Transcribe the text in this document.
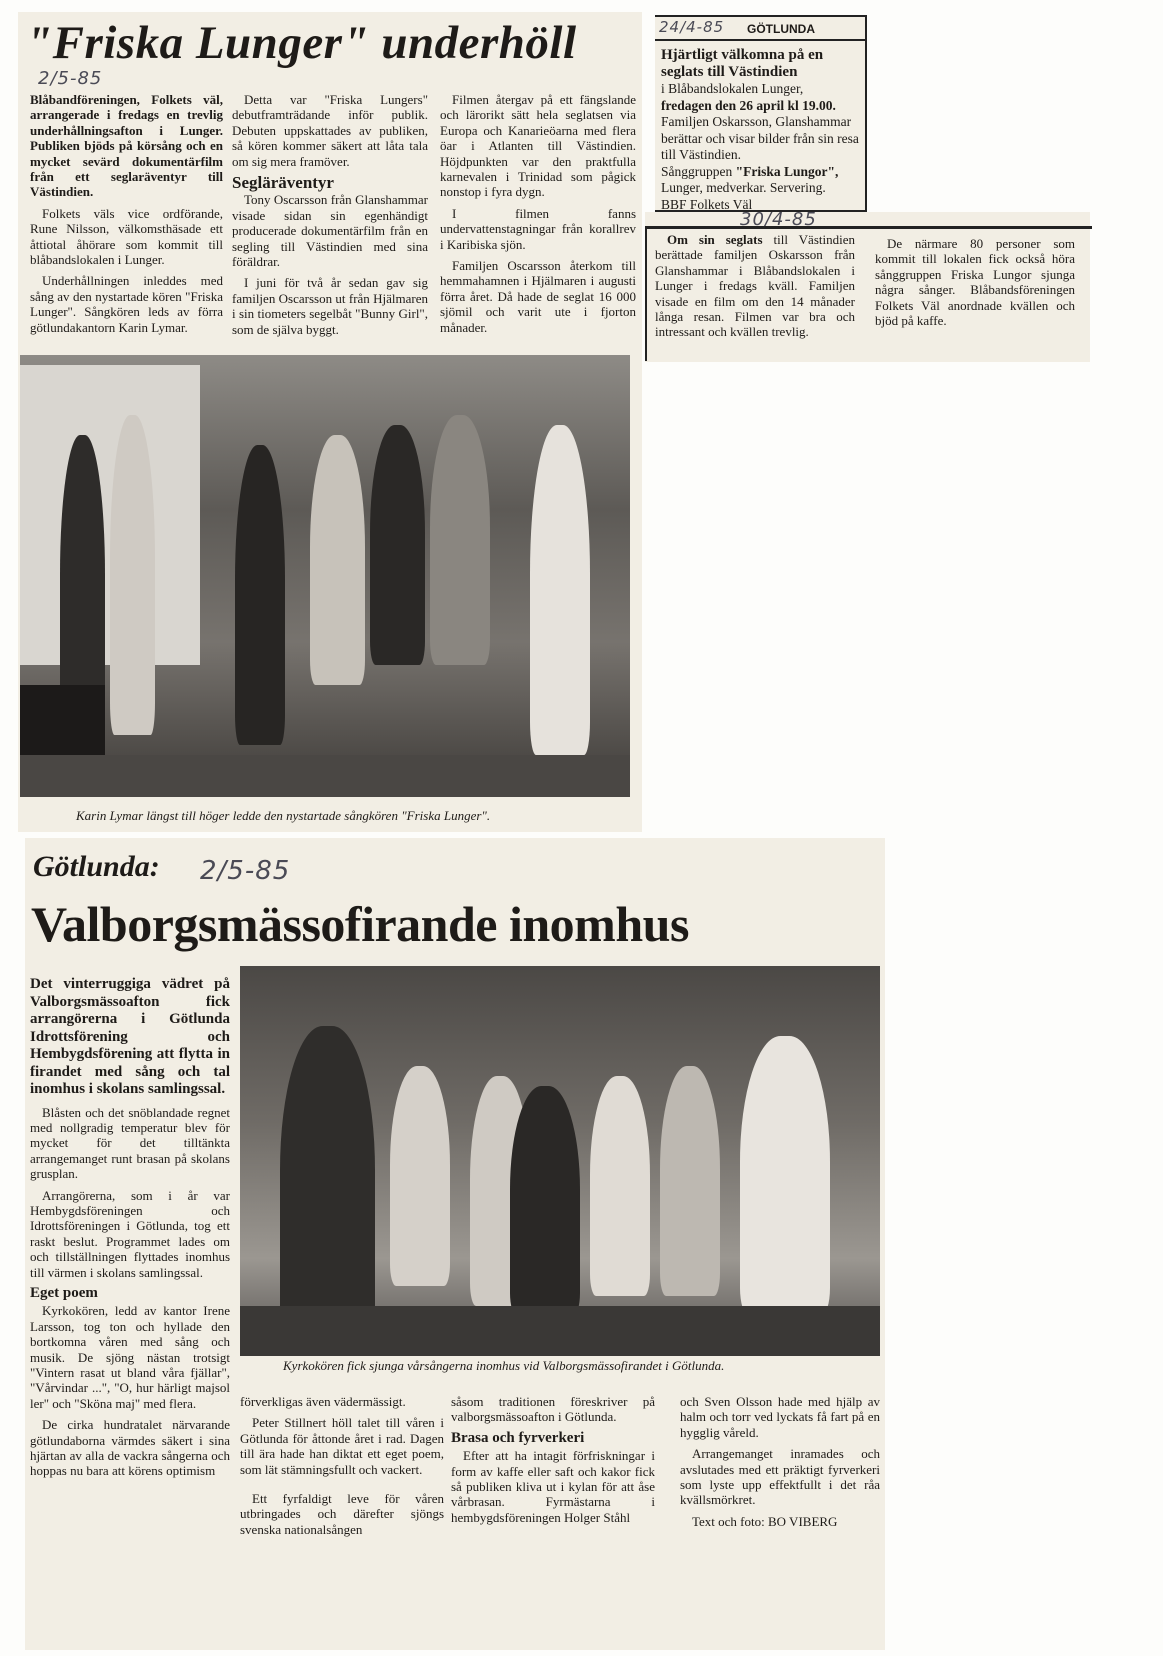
"Friska Lunger" underhöll
2/5-85

Blåbandföreningen, Folkets väl, arrangerade i fredags en trevlig underhållningsafton i Lunger. Publiken bjöds på körsång och en mycket sevärd dokumentärfilm från ett seglaräventyr till Västindien.

Folkets väls vice ordförande, Rune Nilsson, välkomsthäsade ett åttiotal åhörare som kommit till blåbandslokalen i Lunger.

Underhållningen inleddes med sång av den nystartade kören "Friska Lunger". Sångkören leds av förra götlundakantorn Karin Lymar.

Detta var "Friska Lungers" debutframträdande inför publik. Debuten uppskattades av publiken, så kören kommer säkert att låta tala om sig mera framöver.

Segläräventyr

Tony Oscarsson från Glanshammar visade sidan sin egenhändigt producerade dokumentärfilm från en segling till Västindien med sina föräldrar.

I juni för två år sedan gav sig familjen Oscarsson ut från Hjälmaren i sin tiometers segelbåt "Bunny Girl", som de själva byggt.

Filmen återgav på ett fängslande och lärorikt sätt hela seglatsen via Europa och Kanarieöarna med flera öar i Atlanten till Västindien. Höjdpunkten var den praktfulla karnevalen i Trinidad som pågick nonstop i fyra dygn.

I filmen fanns undervattenstagningar från korallrev i Karibiska sjön.

Familjen Oscarsson återkom till hemmahamnen i Hjälmaren i augusti förra året. Då hade de seglat 16 000 sjömil och varit ute i fjorton månader.

Karin Lymar längst till höger ledde den nystartade sångkören "Friska Lunger".
24/4-85 GÖTLUNDA
Hjärtligt välkomna på en seglats till Västindien
i Blåbandslokalen Lunger,
fredagen den 26 april kl 19.00.
Familjen Oskarsson, Glanshammar berättar och visar bilder från sin resa till Västindien.
Sånggruppen "Friska Lungor",
Lunger, medverkar. Servering.
BBF Folkets Väl
30/4-85

Om sin seglats till Västindien berättade familjen Oskarsson från Glanshammar i Blåbandslokalen i Lunger i fredags kväll. Familjen visade en film om den 14 månader långa resan. Filmen var bra och intressant och kvällen trevlig.

De närmare 80 personer som kommit till lokalen fick också höra sånggruppen Friska Lungor sjunga några sånger. Blåbandsföreningen Folkets Väl anordnade kvällen och bjöd på kaffe.

Götlunda: 2/5-85
Valborgsmässofirande inomhus

Det vinterruggiga vädret på Valborgsmässoafton fick arrangörerna i Götlunda Idrottsförening och Hembygdsförening att flytta in firandet med sång och tal inomhus i skolans samlingssal.

Blåsten och det snöblandade regnet med nollgradig temperatur blev för mycket för det tilltänkta arrangemanget runt brasan på skolans grusplan.

Arrangörerna, som i år var Hembygdsföreningen och Idrottsföreningen i Götlunda, tog ett raskt beslut. Programmet lades om och tillställningen flyttades inomhus till värmen i skolans samlingssal.

Eget poem

Kyrkokören, ledd av kantor Irene Larsson, tog ton och hyllade den bortkomna våren med sång och musik. De sjöng nästan trotsigt "Vintern rasat ut bland våra fjällar", "Vårvindar ...", "O, hur härligt majsol ler" och "Sköna maj" med flera.

De cirka hundratalet närvarande götlundaborna värmdes säkert i sina hjärtan av alla de vackra sångerna och hoppas nu bara att körens optimism

Kyrkokören fick sjunga vårsångerna inomhus vid Valborgsmässofirandet i Götlunda.

förverkligas även vädermässigt.

Peter Stillnert höll talet till våren i Götlunda för åttonde året i rad. Dagen till ära hade han diktat ett eget poem, som lät stämningsfullt och vackert.

Ett fyrfaldigt leve för våren utbringades och därefter sjöngs svenska nationalsången

såsom traditionen föreskriver på valborgsmässoafton i Götlunda.

Brasa och fyrverkeri

Efter att ha intagit förfriskningar i form av kaffe eller saft och kakor fick så publiken kliva ut i kylan för att åse vårbrasan. Fyrmästarna i hembygdsföreningen Holger Ståhl

och Sven Olsson hade med hjälp av halm och torr ved lyckats få fart på en hygglig våreld.

Arrangemanget inramades och avslutades med ett präktigt fyrverkeri som lyste upp effektfullt i det råa kvällsmörkret.

Text och foto: BO VIBERG
